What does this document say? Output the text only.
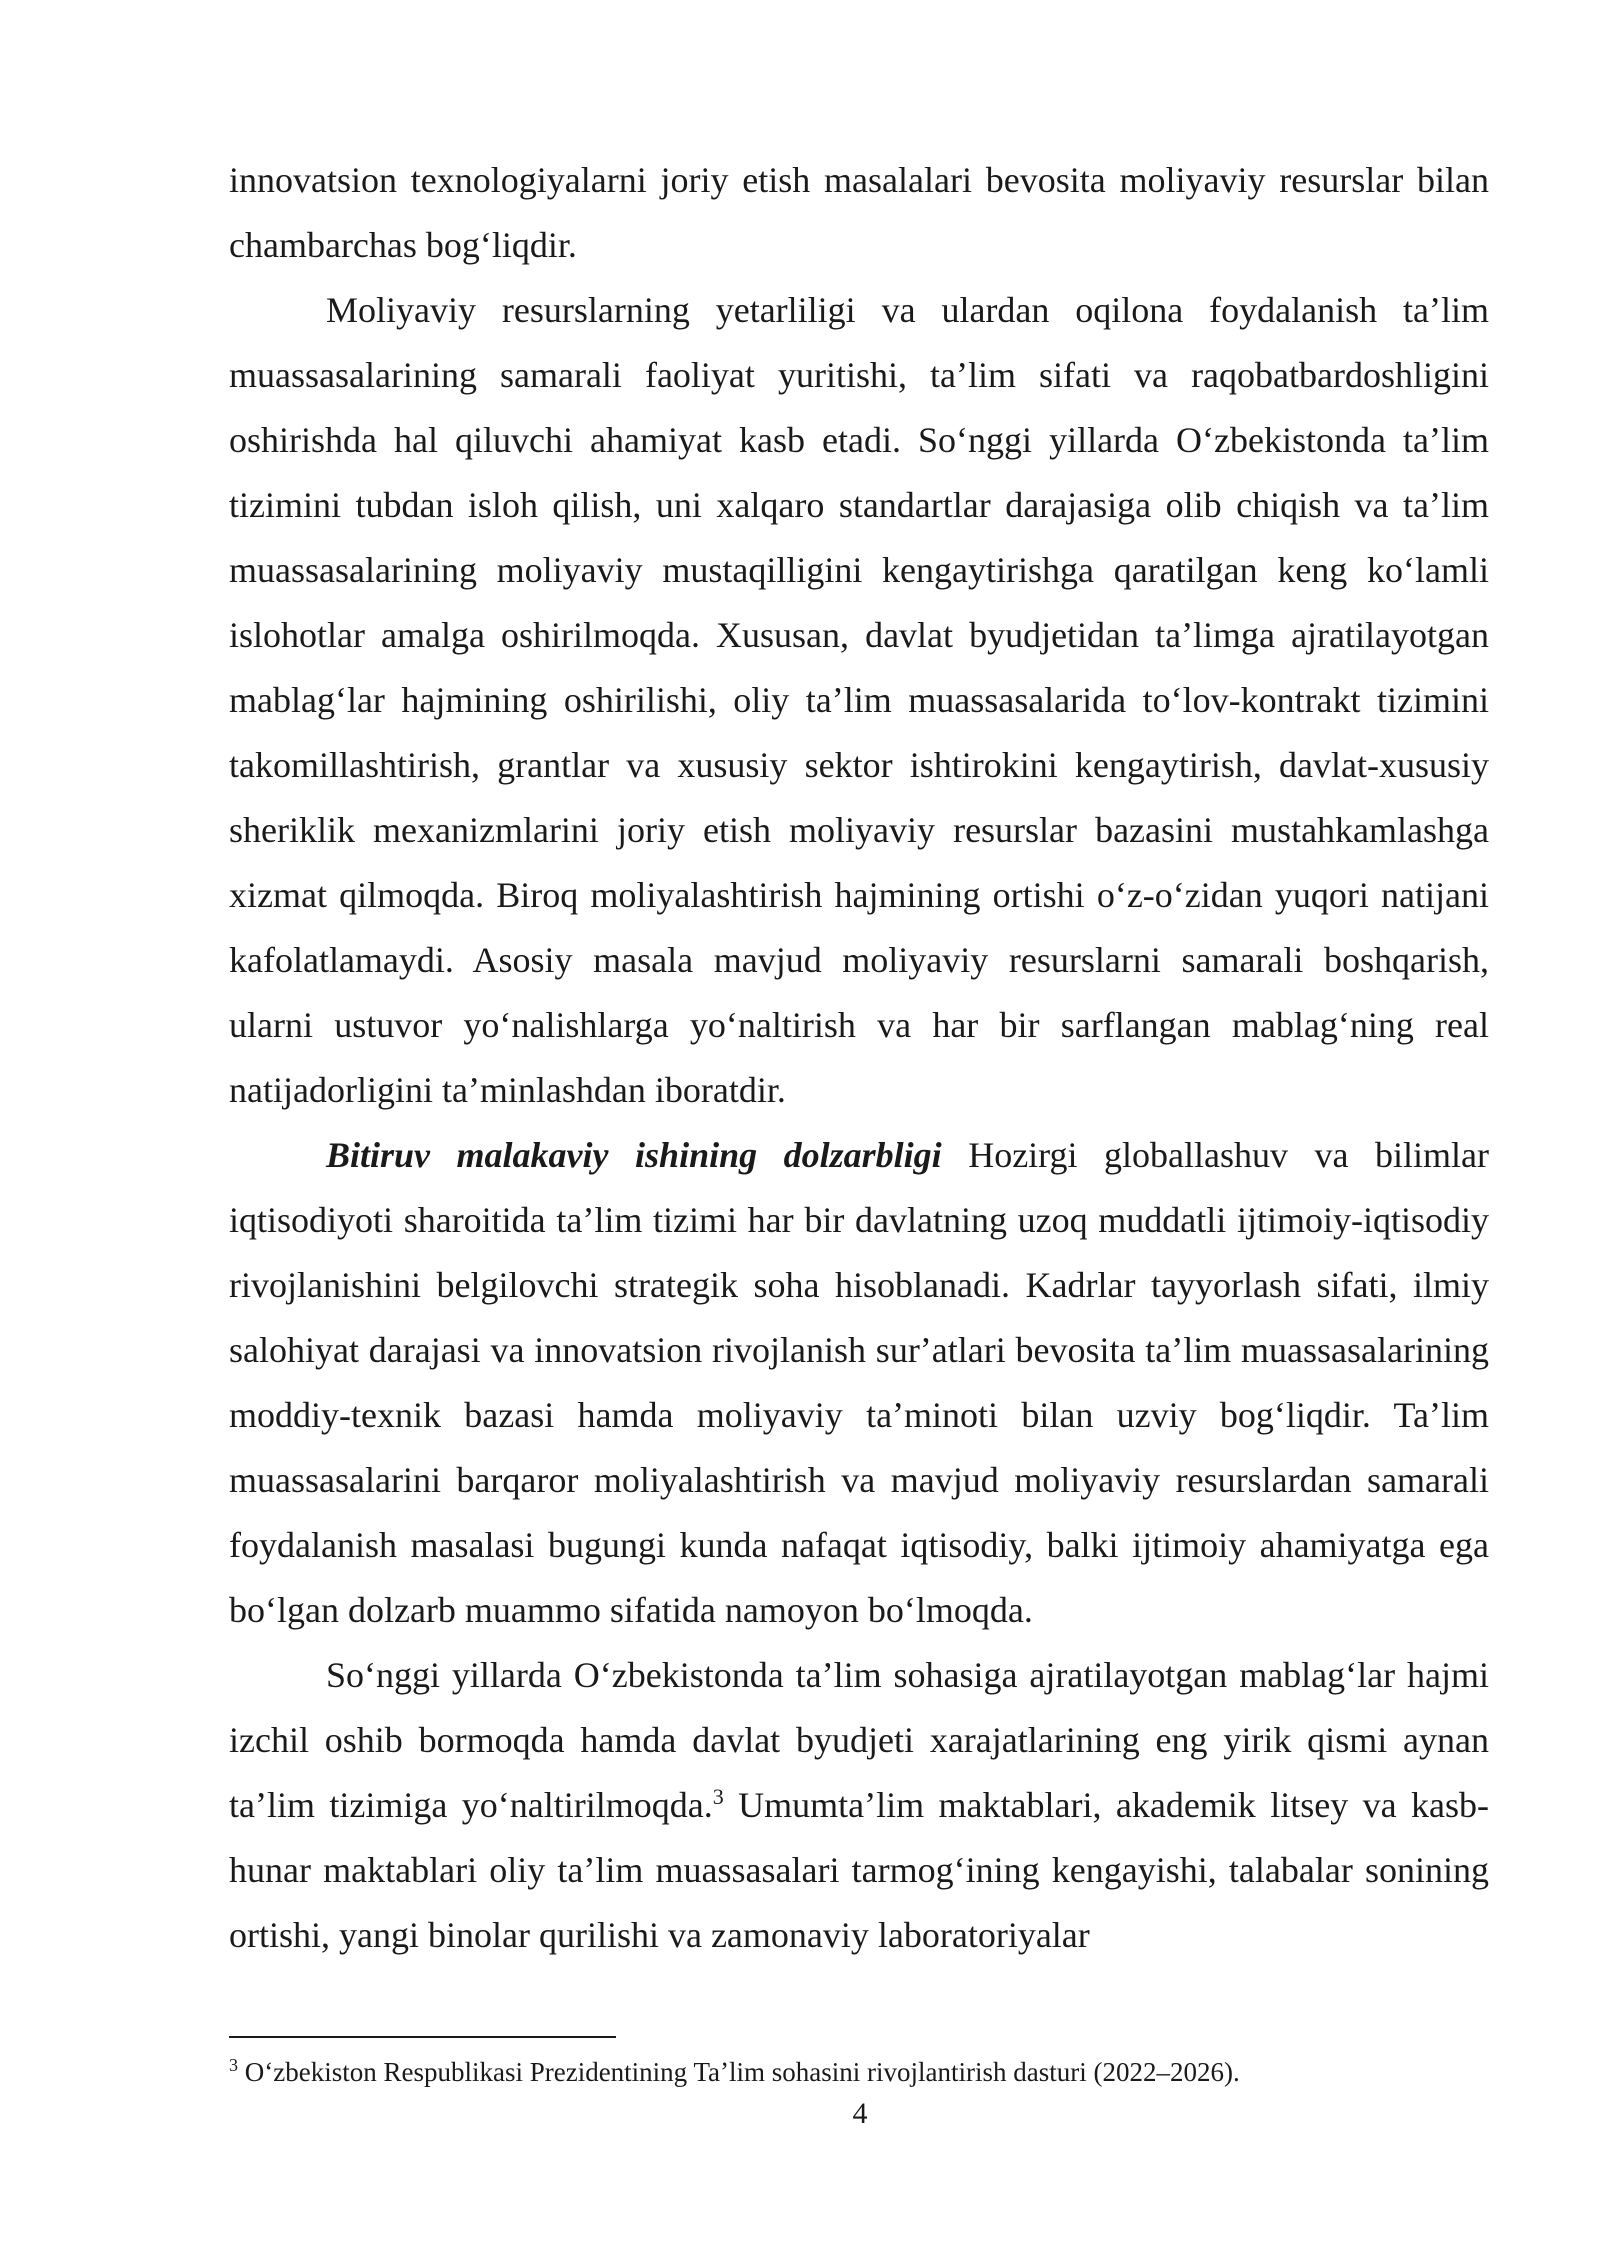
innovatsion texnologiyalarni joriy etish masalalari bevosita moliyaviy resurslar bilan chambarchas bogʻliqdir.

Moliyaviy resurslarning yetarliligi va ulardan oqilona foydalanish taʼlim muassasalarining samarali faoliyat yuritishi, taʼlim sifati va raqobatbardoshligini oshirishda hal qiluvchi ahamiyat kasb etadi. Soʻnggi yillarda Oʻzbekistonda taʼlim tizimini tubdan isloh qilish, uni xalqaro standartlar darajasiga olib chiqish va taʼlim muassasalarining moliyaviy mustaqilligini kengaytirishga qaratilgan keng koʻlamli islohotlar amalga oshirilmoqda. Xususan, davlat byudjetidan taʼlimga ajratilayotgan mablagʻlar hajmining oshirilishi, oliy taʼlim muassasalarida toʻlov-kontrakt tizimini takomillashtirish, grantlar va xususiy sektor ishtirokini kengaytirish, davlat-xususiy sheriklik mexanizmlarini joriy etish moliyaviy resurslar bazasini mustahkamlashga xizmat qilmoqda. Biroq moliyalashtirish hajmining ortishi oʻz-oʻzidan yuqori natijani kafolatlamaydi. Asosiy masala mavjud moliyaviy resurslarni samarali boshqarish, ularni ustuvor yoʻnalishlarga yoʻnaltirish va har bir sarflangan mablagʻning real natijadorligini taʼminlashdan iboratdir.

Bitiruv malakaviy ishining dolzarbligi Hozirgi globallashuv va bilimlar iqtisodiyoti sharoitida taʼlim tizimi har bir davlatning uzoq muddatli ijtimoiy-iqtisodiy rivojlanishini belgilovchi strategik soha hisoblanadi. Kadrlar tayyorlash sifati, ilmiy salohiyat darajasi va innovatsion rivojlanish surʼatlari bevosita taʼlim muassasalarining moddiy-texnik bazasi hamda moliyaviy taʼminoti bilan uzviy bogʻliqdir. Taʼlim muassasalarini barqaror moliyalashtirish va mavjud moliyaviy resurslardan samarali foydalanish masalasi bugungi kunda nafaqat iqtisodiy, balki ijtimoiy ahamiyatga ega boʻlgan dolzarb muammo sifatida namoyon boʻlmoqda.

Soʻnggi yillarda Oʻzbekistonda taʼlim sohasiga ajratilayotgan mablagʻlar hajmi izchil oshib bormoqda hamda davlat byudjeti xarajatlarining eng yirik qismi aynan taʼlim tizimiga yoʻnaltirilmoqda.$^3$ Umumtaʼlim maktablari, akademik litsey va kasb-hunar maktablari oliy taʼlim muassasalari tarmogʻining kengayishi, talabalar sonining ortishi, yangi binolar qurilishi va zamonaviy laboratoriyalar

$^3$ Oʻzbekiston Respublikasi Prezidentining Taʼlim sohasini rivojlantirish dasturi (2022–2026).
4
